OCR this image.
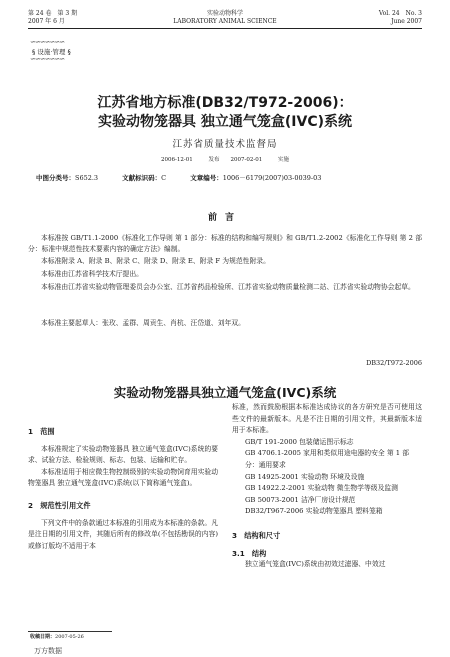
第 24 卷　第 3 期
2007 年 6 月
实验动物科学
LABORATORY ANIMAL SCIENCE
Vol. 24　No. 3
June 2007
∽∽∽∽∽∽∽
§ 设施·管理 §
∽∽∽∽∽∽∽
江苏省地方标准(DB32/T972-2006)：
实验动物笼器具 独立通气笼盒(IVC)系统
江苏省质量技术监督局
2006-12-01 发布　　2007-02-01 实施
中图分类号：S652.3	文献标识码：C	文章编号：1006－6179(2007)03-0039-03
前言
本标准按 GB/T1.1-2000《标准化工作导则 第 1 部分：标准的结构和编写规则》和 GB/T1.2-2002《标准化工作导则 第 2 部分：标准中规范性技术要素内容的确定方法》编制。
本标准附录 A、附录 B、附录 C、附录 D、附录 E、附录 F 为规范性附录。
本标准由江苏省科学技术厅提出。
本标准由江苏省实验动物管理委员会办公室、江苏省药品检验所、江苏省实验动物质量检测二站、江苏省实验动物协会起草。
本标准主要起草人：张玫、孟群、周贡生、肖杭、汪岱道、刘年双。
DB32/T972-2006
实验动物笼器具独立通气笼盒(IVC)系统
1　范围
本标准规定了实验动物笼器具 独立通气笼盒(IVC)系统的要求、试验方法、检验规则、标志、包装、运输和贮存。
本标准适用于相应微生物控制级别的实验动物饲育用实验动物笼器具 独立通气笼盒(IVC)系统(以下简称通气笼盒)。
2　规范性引用文件
下列文件中的条款通过本标准的引用成为本标准的条款。凡是注日期的引用文件，其随后所有的修改单(不包括勘误的内容)或修订版均不适用于本
标准，然而鼓励根据本标准达成协议的各方研究是否可使用这些文件的最新版本。凡是不注日期的引用文件，其最新版本适用于本标准。
GB/T 191-2000 包装储运图示标志
GB 4706.1-2005 家用和类似用途电器的安全 第 1 部分：通用要求
GB 14925-2001 实验动物 环境及设施
GB 14922.2-2001 实验动物 微生物学等级及监测
GB 50073-2001 洁净厂房设计规范
DB32/T967-2006 实验动物笼器具 塑料笼箱
3　结构和尺寸
3.1　结构
独立通气笼盒(IVC)系统由初效过滤器、中效过
收稿日期：2007-05-26
万方数据
